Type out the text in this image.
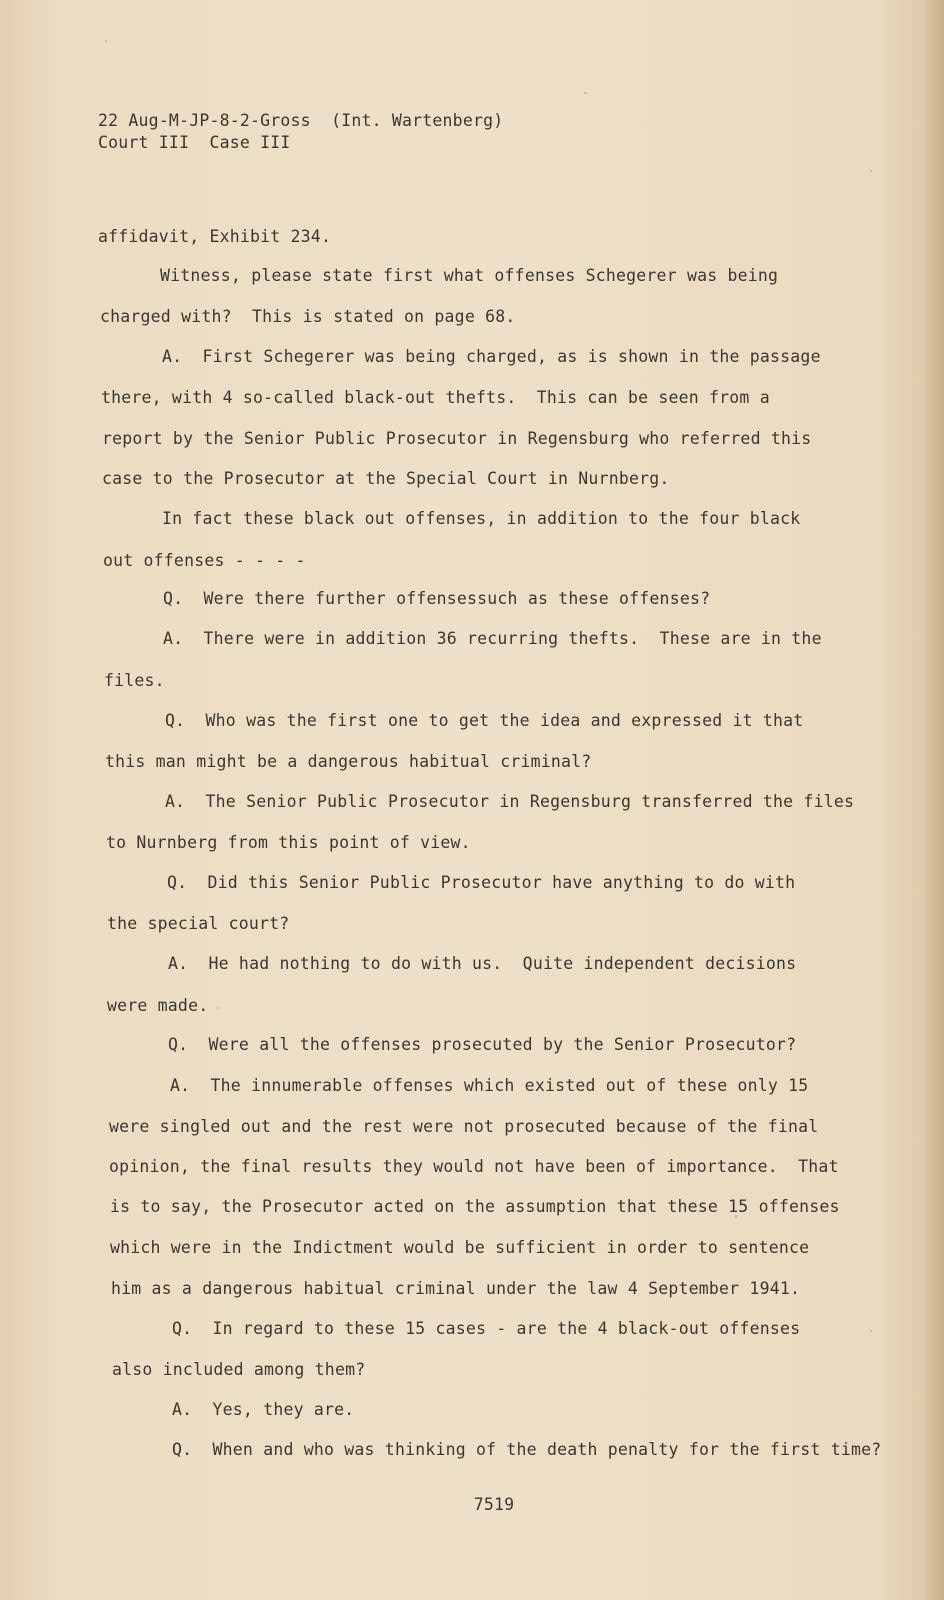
22 Aug-M-JP-8-2-Gross  (Int. Wartenberg)

Court III  Case III

affidavit, Exhibit 234.

Witness, please state first what offenses Schegerer was being

charged with?  This is stated on page 68.

A.  First Schegerer was being charged, as is shown in the passage

there, with 4 so-called black-out thefts.  This can be seen from a

report by the Senior Public Prosecutor in Regensburg who referred this

case to the Prosecutor at the Special Court in Nurnberg.

In fact these black out offenses, in addition to the four black

out offenses - - - -

Q.  Were there further offensessuch as these offenses?

A.  There were in addition 36 recurring thefts.  These are in the

files.

Q.  Who was the first one to get the idea and expressed it that

this man might be a dangerous habitual criminal?

A.  The Senior Public Prosecutor in Regensburg transferred the files

to Nurnberg from this point of view.

Q.  Did this Senior Public Prosecutor have anything to do with

the special court?

A.  He had nothing to do with us.  Quite independent decisions

were made.

Q.  Were all the offenses prosecuted by the Senior Prosecutor?

A.  The innumerable offenses which existed out of these only 15

were singled out and the rest were not prosecuted because of the final

opinion, the final results they would not have been of importance.  That

is to say, the Prosecutor acted on the assumption that these 15 offenses

which were in the Indictment would be sufficient in order to sentence

him as a dangerous habitual criminal under the law 4 September 1941.

Q.  In regard to these 15 cases - are the 4 black-out offenses

also included among them?

A.  Yes, they are.

Q.  When and who was thinking of the death penalty for the first time?

7519
